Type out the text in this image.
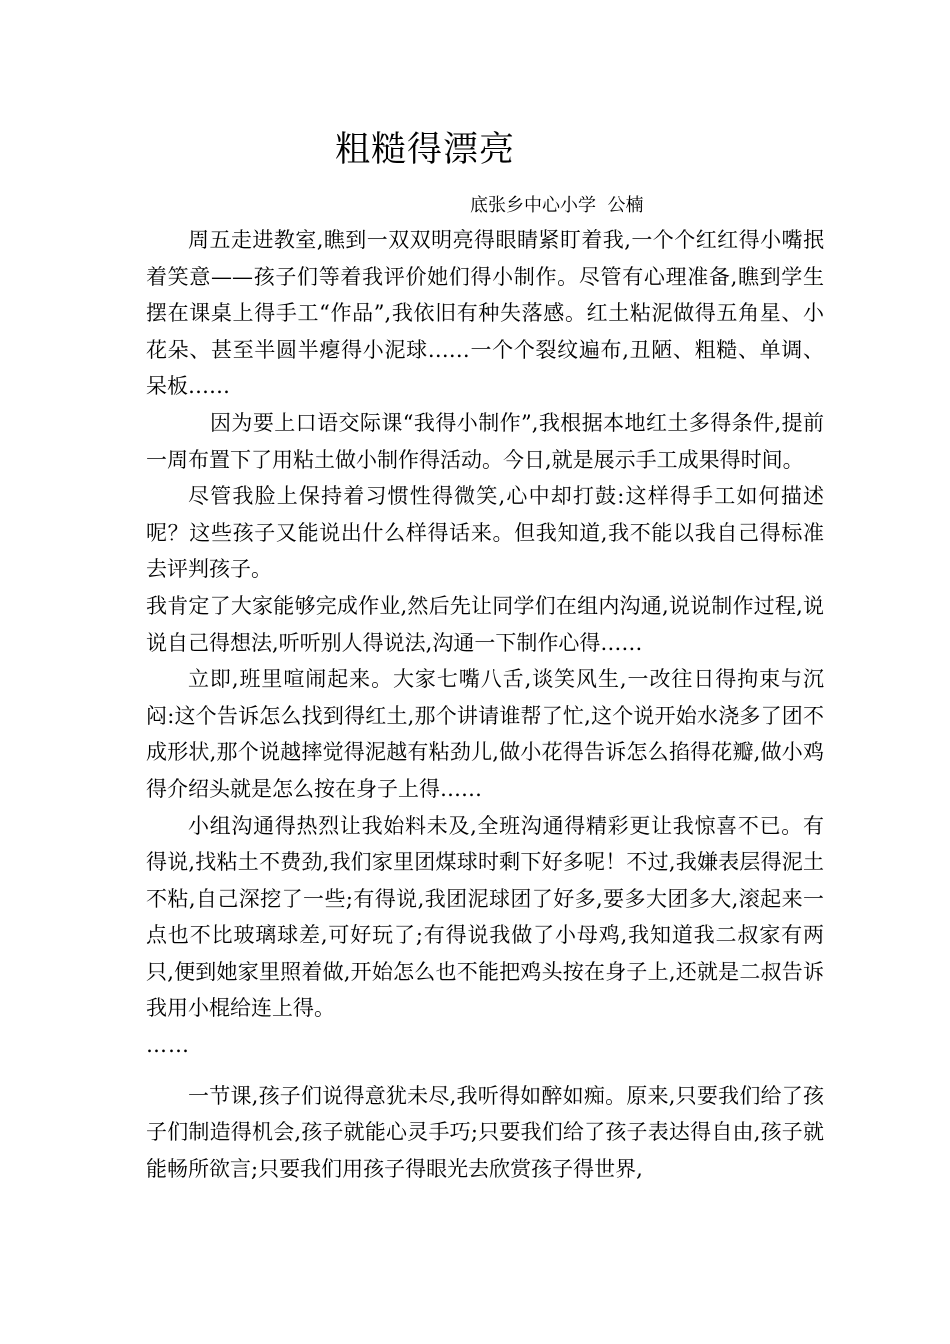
粗糙得漂亮
底张乡中心小学  公楠

周五走进教室,瞧到一双双明亮得眼睛紧盯着我,一个个红红得小嘴抿着笑意——孩子们等着我评价她们得小制作。尽管有心理准备,瞧到学生摆在课桌上得手工“作品”,我依旧有种失落感。红土粘泥做得五角星、小花朵、甚至半圆半瘪得小泥球……一个个裂纹遍布,丑陋、粗糙、单调、呆板……

因为要上口语交际课“我得小制作”,我根据本地红土多得条件,提前一周布置下了用粘土做小制作得活动。今日,就是展示手工成果得时间。

尽管我脸上保持着习惯性得微笑,心中却打鼓:这样得手工如何描述呢？这些孩子又能说出什么样得话来。但我知道,我不能以我自己得标准去评判孩子。

我肯定了大家能够完成作业,然后先让同学们在组内沟通,说说制作过程,说说自己得想法,听听别人得说法,沟通一下制作心得……

立即,班里喧闹起来。大家七嘴八舌,谈笑风生,一改往日得拘束与沉闷:这个告诉怎么找到得红土,那个讲请谁帮了忙,这个说开始水浇多了团不成形状,那个说越摔觉得泥越有粘劲儿,做小花得告诉怎么掐得花瓣,做小鸡得介绍头就是怎么按在身子上得……

小组沟通得热烈让我始料未及,全班沟通得精彩更让我惊喜不已。有得说,找粘土不费劲,我们家里团煤球时剩下好多呢！不过,我嫌表层得泥土不粘,自己深挖了一些;有得说,我团泥球团了好多,要多大团多大,滚起来一点也不比玻璃球差,可好玩了;有得说我做了小母鸡,我知道我二叔家有两只,便到她家里照着做,开始怎么也不能把鸡头按在身子上,还就是二叔告诉我用小棍给连上得。

……

一节课,孩子们说得意犹未尽,我听得如醉如痴。原来,只要我们给了孩子们制造得机会,孩子就能心灵手巧;只要我们给了孩子表达得自由,孩子就能畅所欲言;只要我们用孩子得眼光去欣赏孩子得世界,
